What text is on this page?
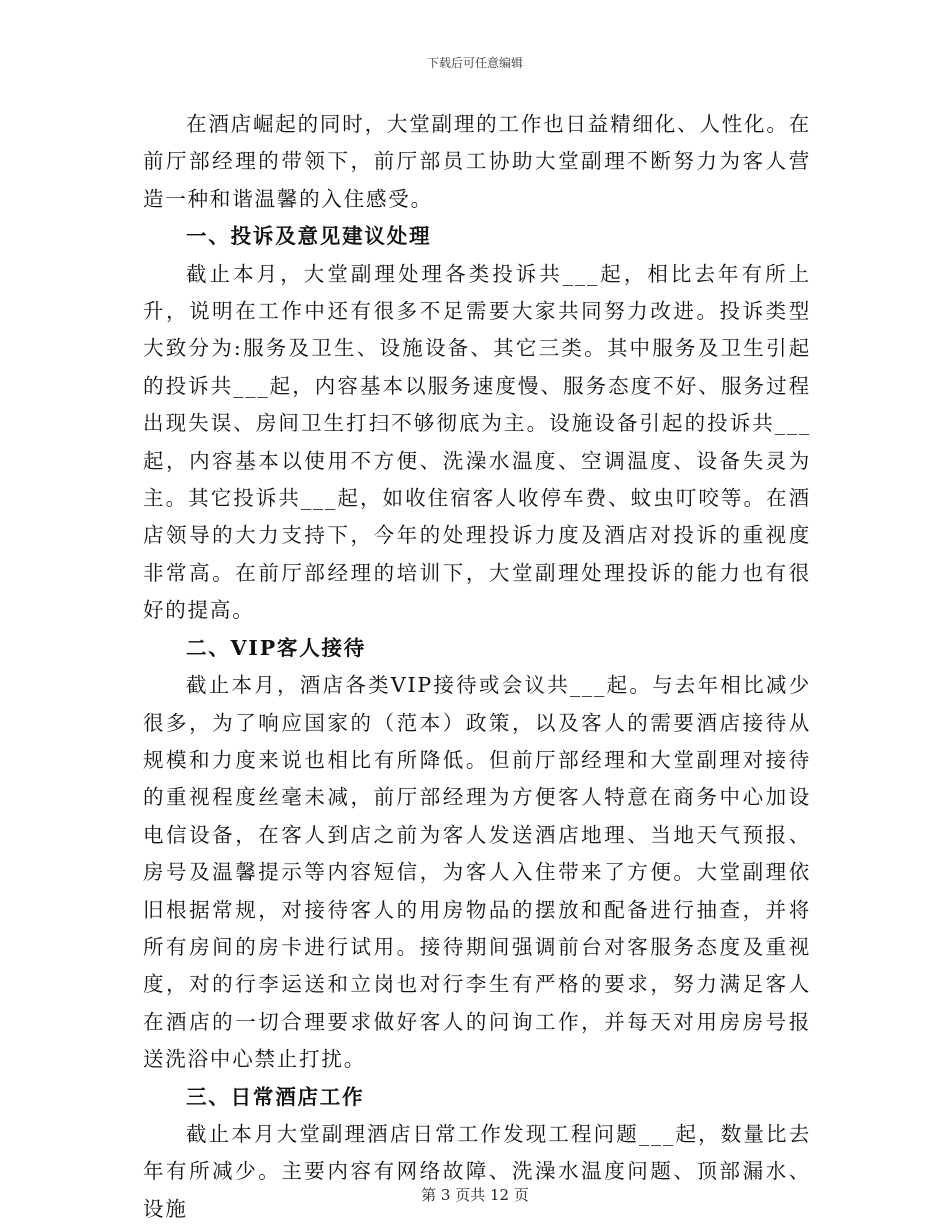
下载后可任意编辑

在酒店崛起的同时，大堂副理的工作也日益精细化、人性化。在前厅部经理的带领下，前厅部员工协助大堂副理不断努力为客人营造一种和谐温馨的入住感受。

一、投诉及意见建议处理

截止本月，大堂副理处理各类投诉共___起，相比去年有所上升，说明在工作中还有很多不足需要大家共同努力改进。投诉类型大致分为:服务及卫生、设施设备、其它三类。其中服务及卫生引起的投诉共___起，内容基本以服务速度慢、服务态度不好、服务过程出现失误、房间卫生打扫不够彻底为主。设施设备引起的投诉共___起，内容基本以使用不方便、洗澡水温度、空调温度、设备失灵为主。其它投诉共___起，如收住宿客人收停车费、蚊虫叮咬等。在酒店领导的大力支持下，今年的处理投诉力度及酒店对投诉的重视度非常高。在前厅部经理的培训下，大堂副理处理投诉的能力也有很好的提高。

二、VIP客人接待

截止本月，酒店各类VIP接待或会议共___起。与去年相比减少很多，为了响应国家的（范本）政策，以及客人的需要酒店接待从规模和力度来说也相比有所降低。但前厅部经理和大堂副理对接待的重视程度丝毫未减，前厅部经理为方便客人特意在商务中心加设电信设备，在客人到店之前为客人发送酒店地理、当地天气预报、房号及温馨提示等内容短信，为客人入住带来了方便。大堂副理依旧根据常规，对接待客人的用房物品的摆放和配备进行抽查，并将所有房间的房卡进行试用。接待期间强调前台对客服务态度及重视度，对的行李运送和立岗也对行李生有严格的要求，努力满足客人在酒店的一切合理要求做好客人的问询工作，并每天对用房房号报送洗浴中心禁止打扰。

三、日常酒店工作

截止本月大堂副理酒店日常工作发现工程问题___起，数量比去年有所减少。主要内容有网络故障、洗澡水温度问题、顶部漏水、设施

第 3 页共 12 页
